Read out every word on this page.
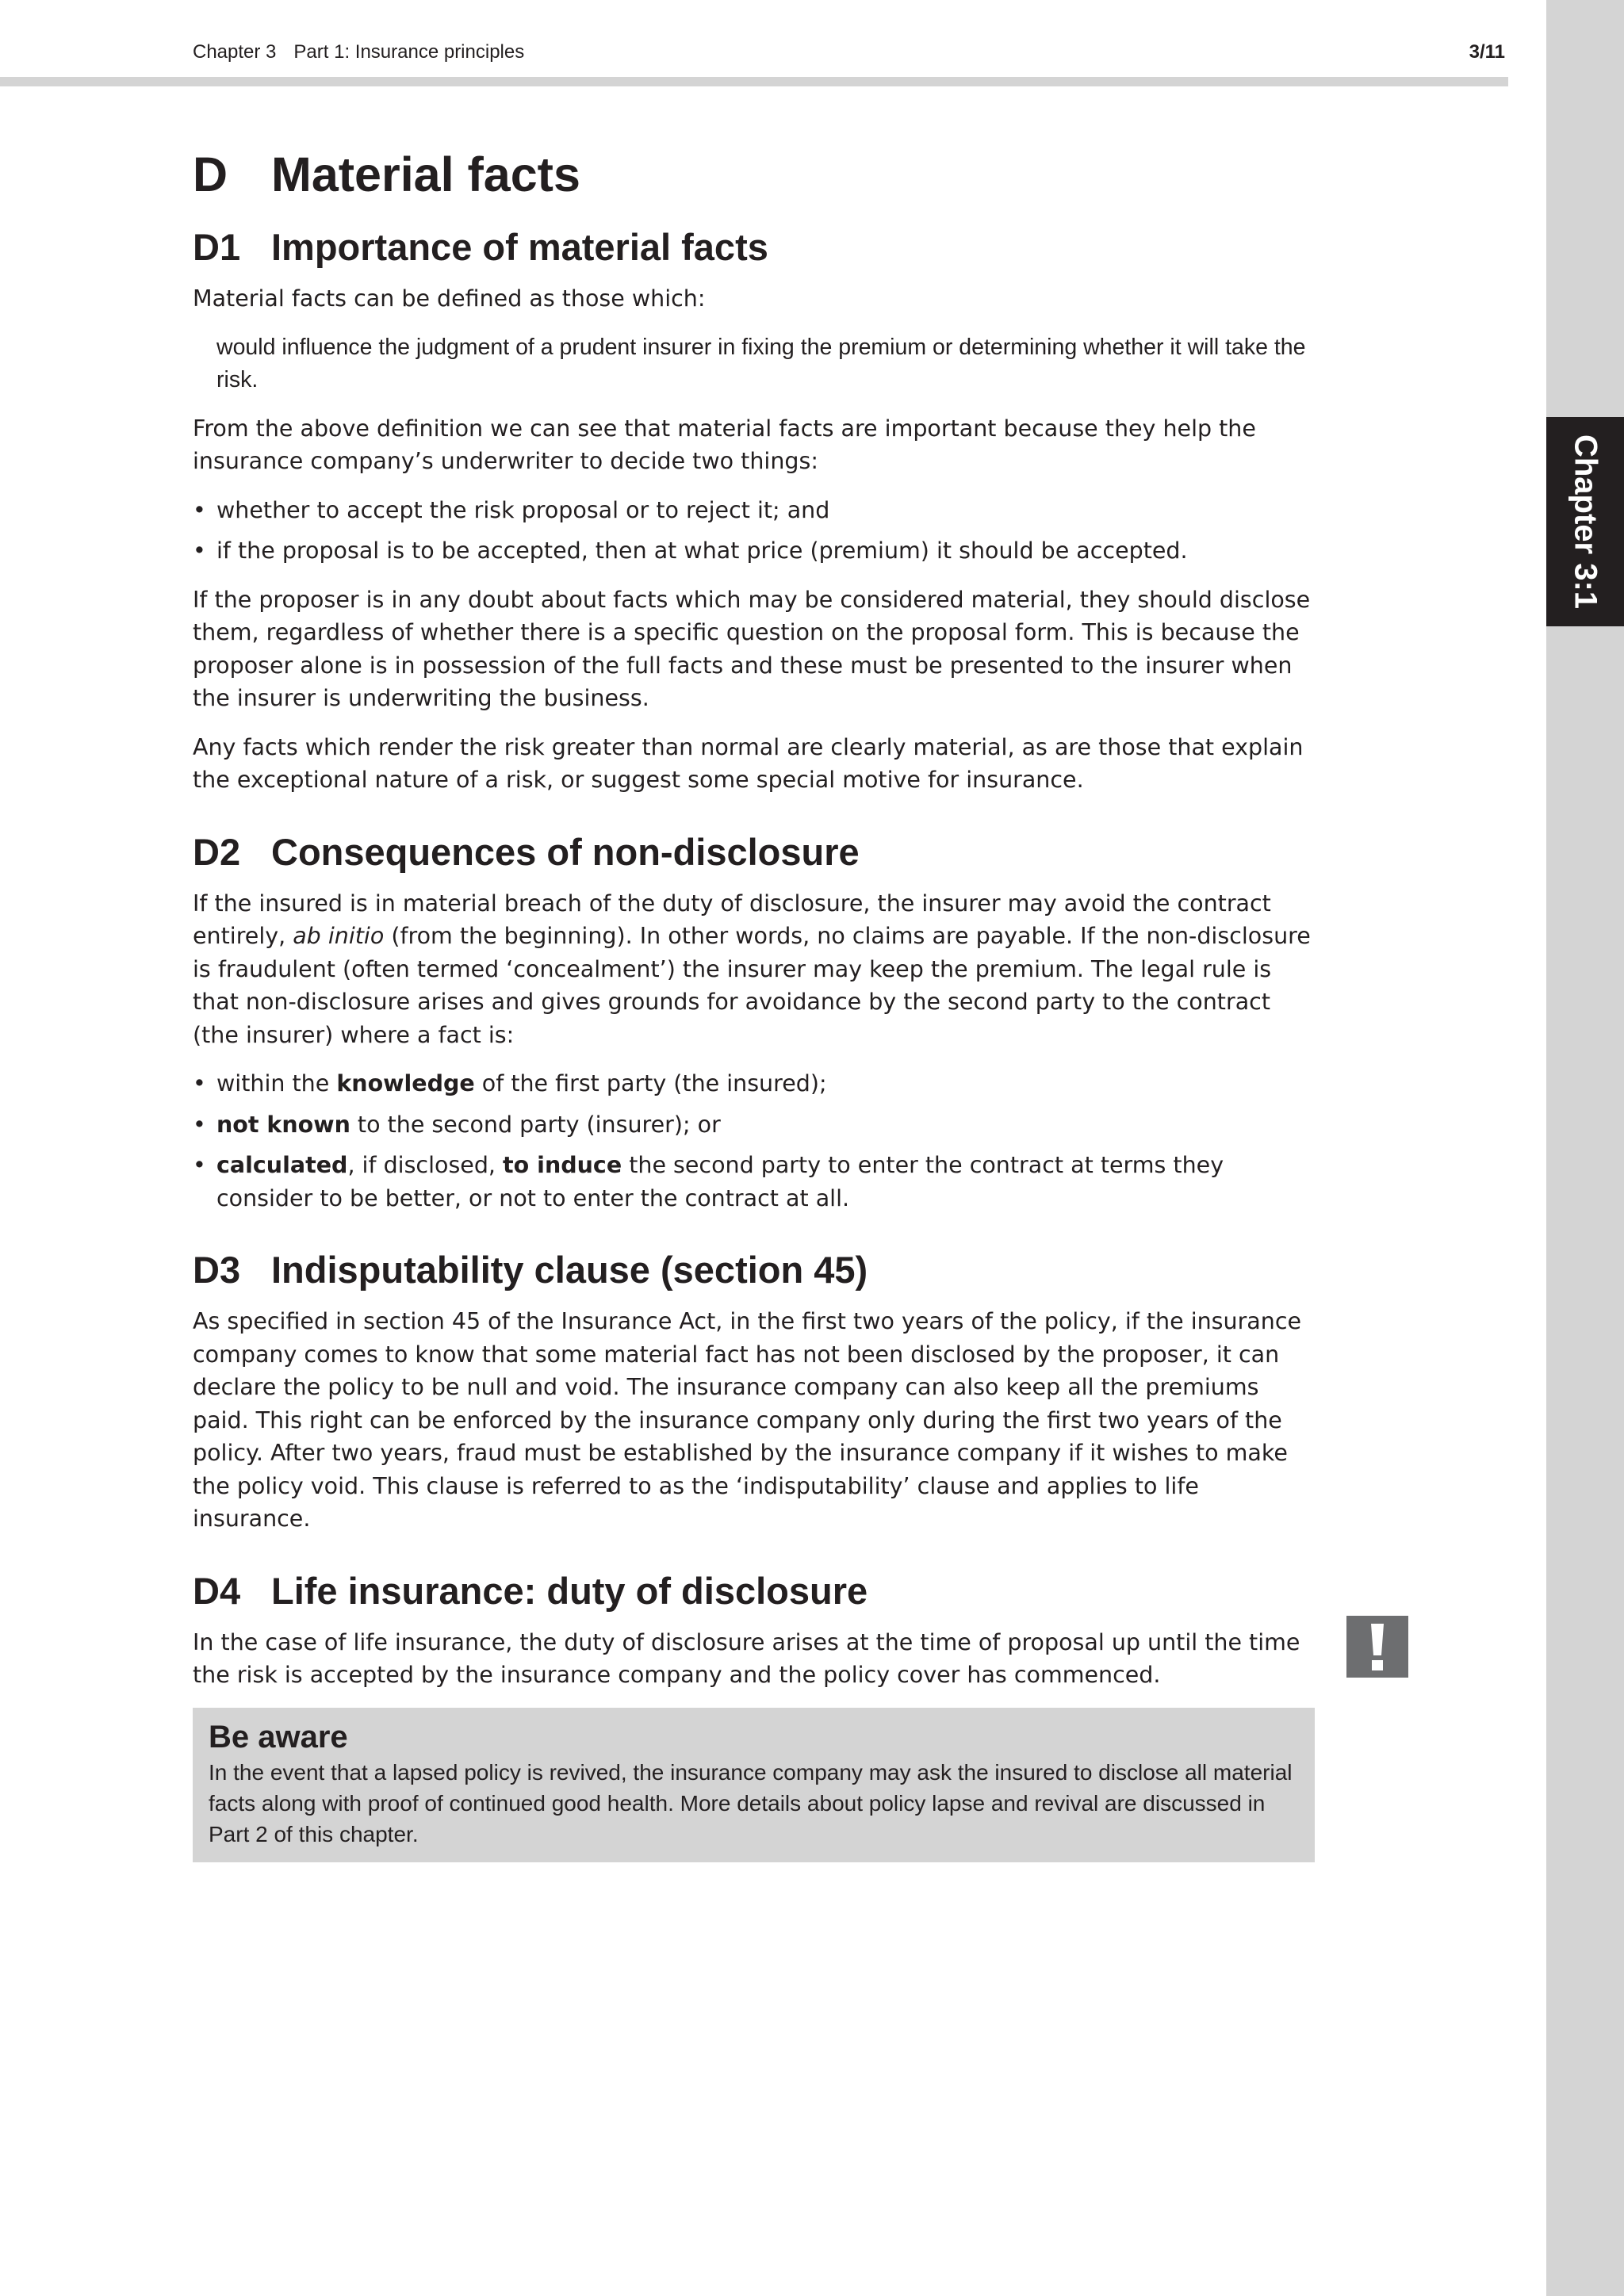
Chapter 3:1
Chapter 3 Part 1: Insurance principles	3/11
D Material facts
D1 Importance of material facts

Material facts can be defined as those which:

would influence the judgment of a prudent insurer in fixing the premium or determining whether it will take the risk.

From the above definition we can see that material facts are important because they help the insurance company’s underwriter to decide two things:

• whether to accept the risk proposal or to reject it; and
• if the proposal is to be accepted, then at what price (premium) it should be accepted.

If the proposer is in any doubt about facts which may be considered material, they should disclose them, regardless of whether there is a specific question on the proposal form. This is because the proposer alone is in possession of the full facts and these must be presented to the insurer when the insurer is underwriting the business.

Any facts which render the risk greater than normal are clearly material, as are those that explain the exceptional nature of a risk, or suggest some special motive for insurance.

D2 Consequences of non-disclosure

If the insured is in material breach of the duty of disclosure, the insurer may avoid the contract entirely, ab initio (from the beginning). In other words, no claims are payable. If the non-disclosure is fraudulent (often termed ‘concealment’) the insurer may keep the premium. The legal rule is that non-disclosure arises and gives grounds for avoidance by the second party to the contract (the insurer) where a fact is:

• within the knowledge of the first party (the insured);
• not known to the second party (insurer); or
• calculated, if disclosed, to induce the second party to enter the contract at terms they consider to be better, or not to enter the contract at all.
D3 Indisputability clause (section 45)

As specified in section 45 of the Insurance Act, in the first two years of the policy, if the insurance company comes to know that some material fact has not been disclosed by the proposer, it can declare the policy to be null and void. The insurance company can also keep all the premiums paid. This right can be enforced by the insurance company only during the first two years of the policy. After two years, fraud must be established by the insurance company if it wishes to make the policy void. This clause is referred to as the ‘indisputability’ clause and applies to life insurance.

D4 Life insurance: duty of disclosure

In the case of life insurance, the duty of disclosure arises at the time of proposal up until the time the risk is accepted by the insurance company and the policy cover has commenced.

Be aware
In the event that a lapsed policy is revived, the insurance company may ask the insured to disclose all material facts along with proof of continued good health. More details about policy lapse and revival are discussed in Part 2 of this chapter.
